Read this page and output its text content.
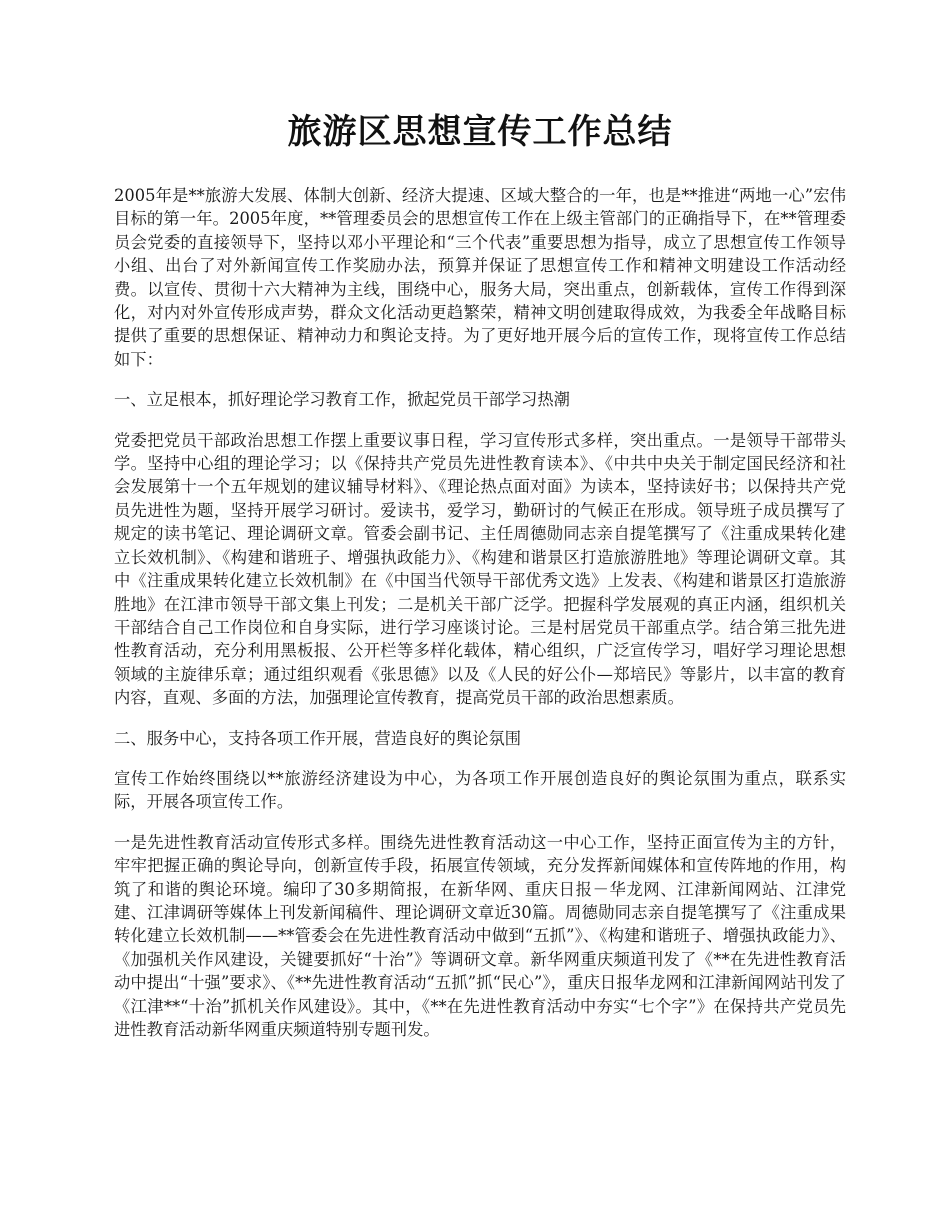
旅游区思想宣传工作总结

2005年是**旅游大发展、体制大创新、经济大提速、区域大整合的一年，也是**推进“两地一心”宏伟目标的第一年。2005年度，**管理委员会的思想宣传工作在上级主管部门的正确指导下，在**管理委员会党委的直接领导下，坚持以邓小平理论和“三个代表”重要思想为指导，成立了思想宣传工作领导小组、出台了对外新闻宣传工作奖励办法，预算并保证了思想宣传工作和精神文明建设工作活动经费。以宣传、贯彻十六大精神为主线，围绕中心，服务大局，突出重点，创新载体，宣传工作得到深化，对内对外宣传形成声势，群众文化活动更趋繁荣，精神文明创建取得成效，为我委全年战略目标提供了重要的思想保证、精神动力和舆论支持。为了更好地开展今后的宣传工作，现将宣传工作总结如下：

一、立足根本，抓好理论学习教育工作，掀起党员干部学习热潮

党委把党员干部政治思想工作摆上重要议事日程，学习宣传形式多样，突出重点。一是领导干部带头学。坚持中心组的理论学习；以《保持共产党员先进性教育读本》、《中共中央关于制定国民经济和社会发展第十一个五年规划的建议辅导材料》、《理论热点面对面》为读本，坚持读好书；以保持共产党员先进性为题，坚持开展学习研讨。爱读书，爱学习，勤研讨的气候正在形成。领导班子成员撰写了规定的读书笔记、理论调研文章。管委会副书记、主任周德勋同志亲自提笔撰写了《注重成果转化建立长效机制》、《构建和谐班子、增强执政能力》、《构建和谐景区打造旅游胜地》等理论调研文章。其中《注重成果转化建立长效机制》在《中国当代领导干部优秀文选》上发表、《构建和谐景区打造旅游胜地》在江津市领导干部文集上刊发；二是机关干部广泛学。把握科学发展观的真正内涵，组织机关干部结合自己工作岗位和自身实际，进行学习座谈讨论。三是村居党员干部重点学。结合第三批先进性教育活动，充分利用黑板报、公开栏等多样化载体，精心组织，广泛宣传学习，唱好学习理论思想领域的主旋律乐章；通过组织观看《张思德》以及《人民的好公仆—郑培民》等影片，以丰富的教育内容，直观、多面的方法，加强理论宣传教育，提高党员干部的政治思想素质。

二、服务中心，支持各项工作开展，营造良好的舆论氛围

宣传工作始终围绕以**旅游经济建设为中心，为各项工作开展创造良好的舆论氛围为重点，联系实际，开展各项宣传工作。

一是先进性教育活动宣传形式多样。围绕先进性教育活动这一中心工作，坚持正面宣传为主的方针，牢牢把握正确的舆论导向，创新宣传手段，拓展宣传领域，充分发挥新闻媒体和宣传阵地的作用，构筑了和谐的舆论环境。编印了30多期简报，在新华网、重庆日报－华龙网、江津新闻网站、江津党建、江津调研等媒体上刊发新闻稿件、理论调研文章近30篇。周德勋同志亲自提笔撰写了《注重成果转化建立长效机制——**管委会在先进性教育活动中做到“五抓”》、《构建和谐班子、增强执政能力》、《加强机关作风建设，关键要抓好“十治”》等调研文章。新华网重庆频道刊发了《**在先进性教育活动中提出“十强”要求》、《**先进性教育活动“五抓”抓“民心”》，重庆日报华龙网和江津新闻网站刊发了《江津**“十治”抓机关作风建设》。其中，《**在先进性教育活动中夯实“七个字”》在保持共产党员先进性教育活动新华网重庆频道特别专题刊发。
